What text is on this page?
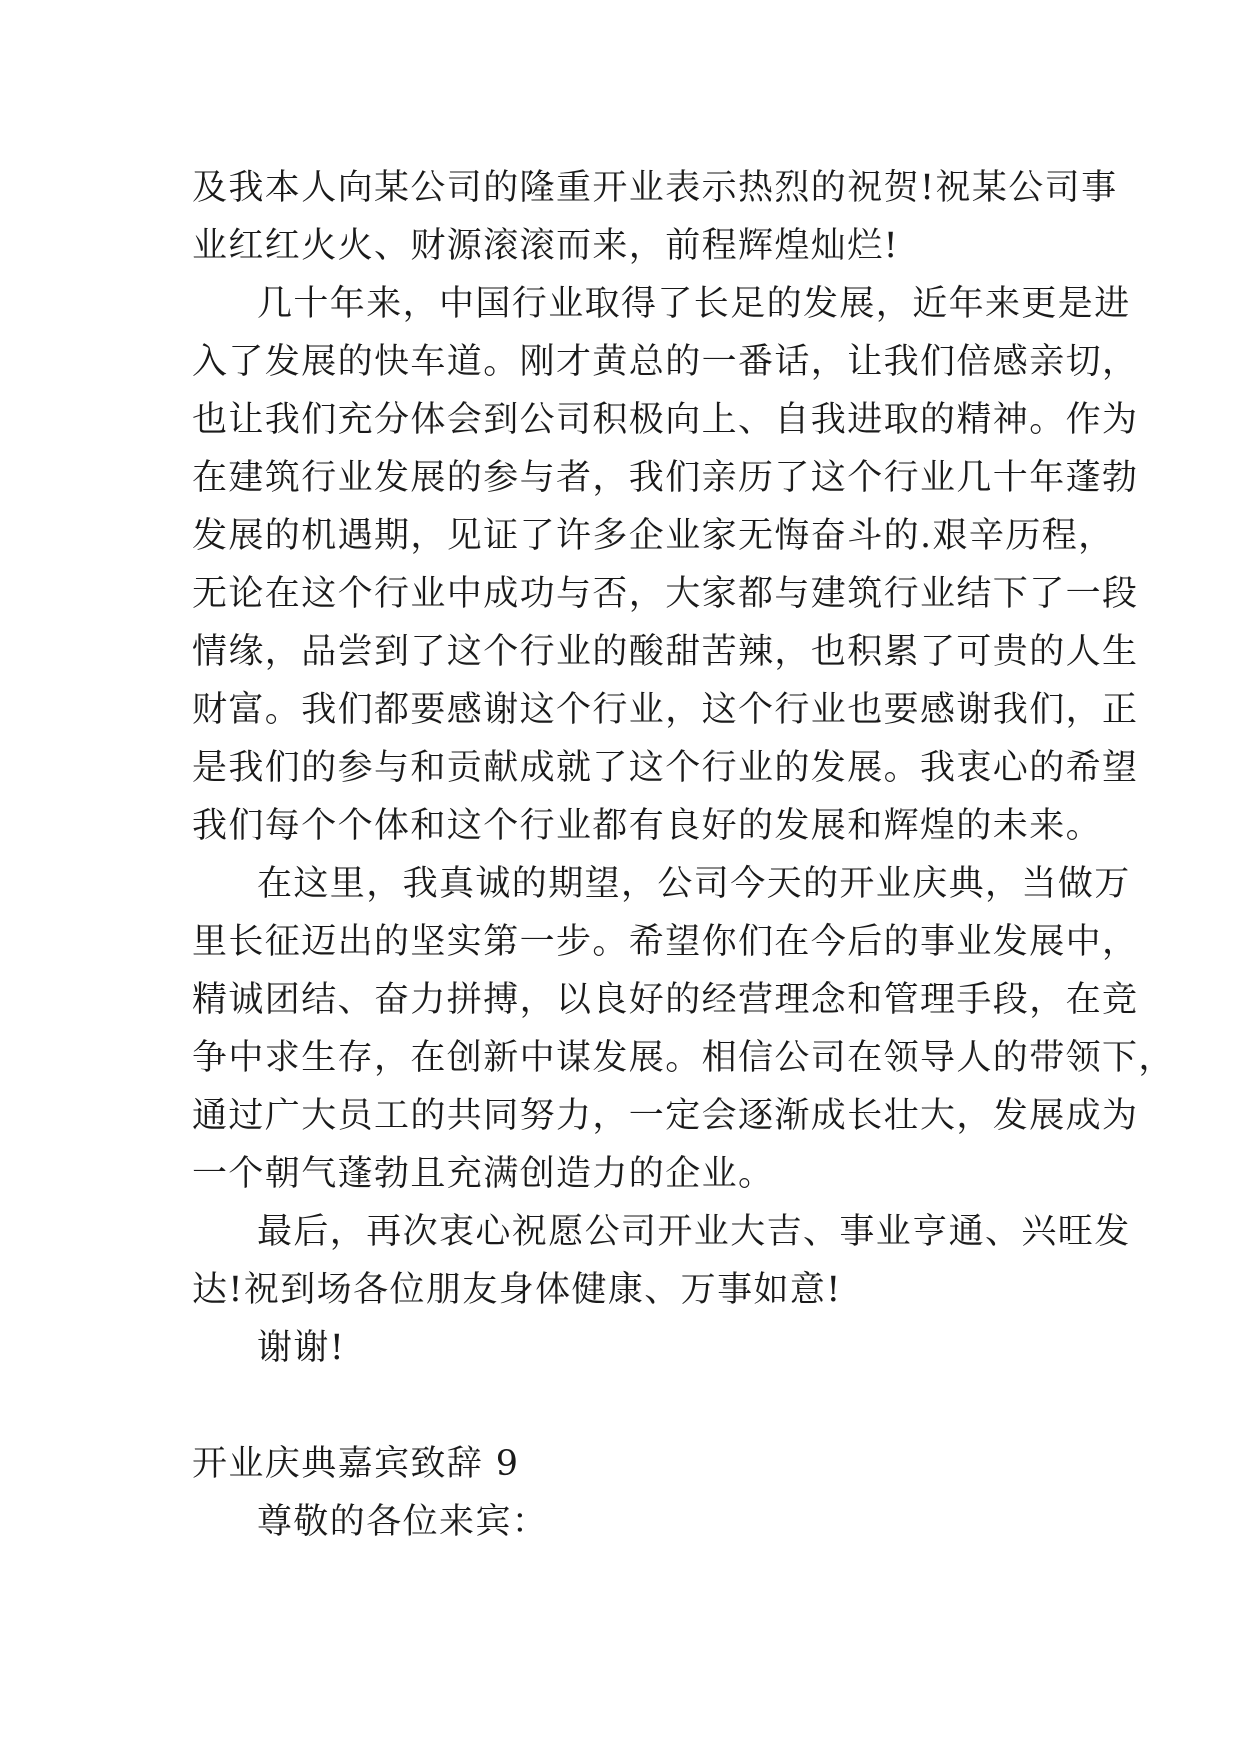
及我本人向某公司的隆重开业表示热烈的祝贺!祝某公司事

业红红火火、财源滚滚而来，前程辉煌灿烂!

几十年来，中国行业取得了长足的发展，近年来更是进

入了发展的快车道。刚才黄总的一番话，让我们倍感亲切，

也让我们充分体会到公司积极向上、自我进取的精神。作为

在建筑行业发展的参与者，我们亲历了这个行业几十年蓬勃

发展的机遇期，见证了许多企业家无悔奋斗的.艰辛历程，

无论在这个行业中成功与否，大家都与建筑行业结下了一段

情缘，品尝到了这个行业的酸甜苦辣，也积累了可贵的人生

财富。我们都要感谢这个行业，这个行业也要感谢我们，正

是我们的参与和贡献成就了这个行业的发展。我衷心的希望

我们每个个体和这个行业都有良好的发展和辉煌的未来。

在这里，我真诚的期望，公司今天的开业庆典，当做万

里长征迈出的坚实第一步。希望你们在今后的事业发展中，

精诚团结、奋力拼搏，以良好的经营理念和管理手段，在竞

争中求生存，在创新中谋发展。相信公司在领导人的带领下，

通过广大员工的共同努力，一定会逐渐成长壮大，发展成为

一个朝气蓬勃且充满创造力的企业。

最后，再次衷心祝愿公司开业大吉、事业亨通、兴旺发

达!祝到场各位朋友身体健康、万事如意!

谢谢!

开业庆典嘉宾致辞 9

尊敬的各位来宾：
